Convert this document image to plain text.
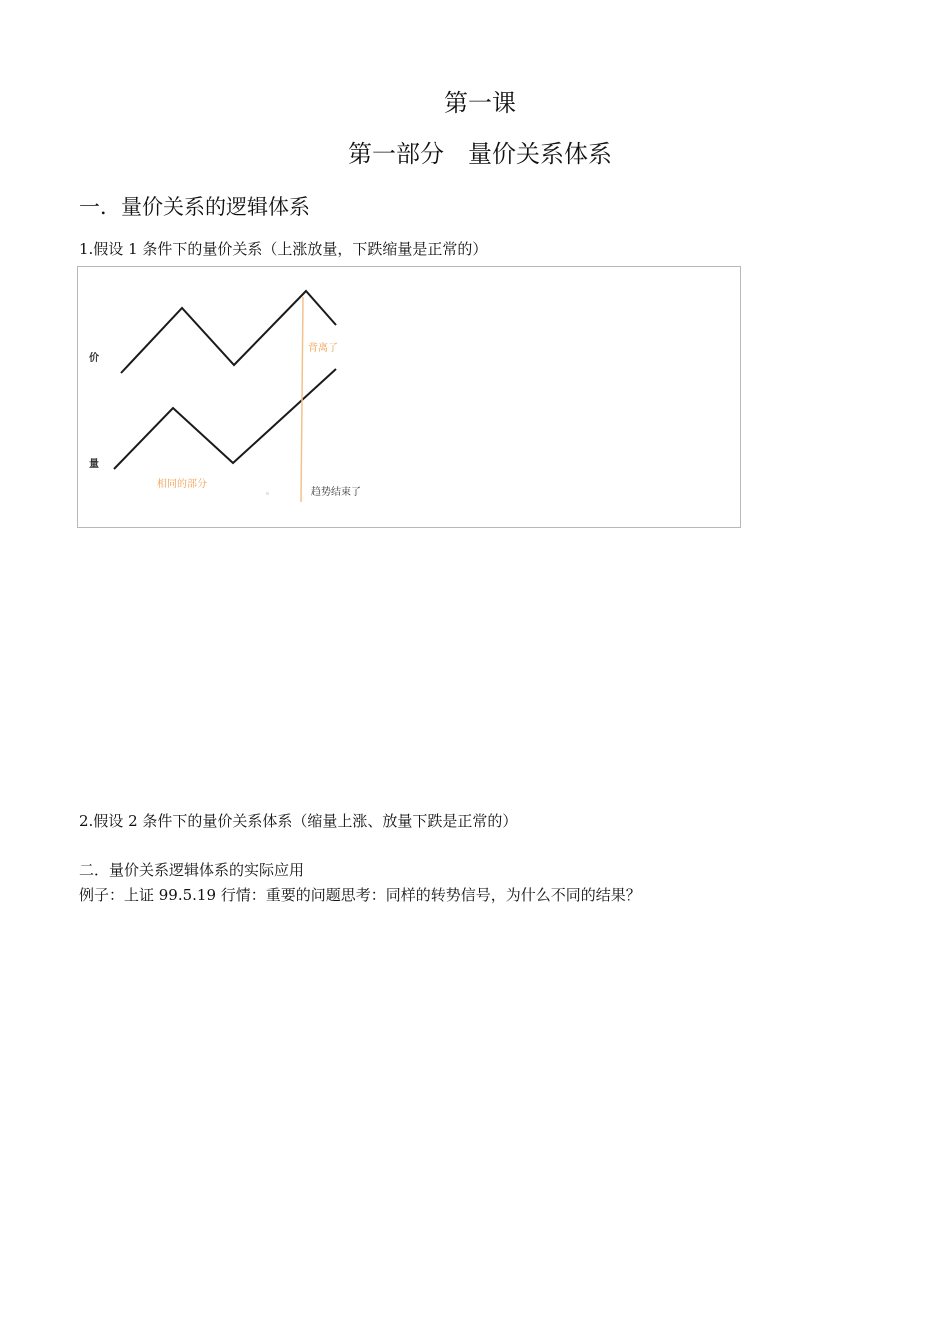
第一课
第一部分　量价关系体系
一．量价关系的逻辑体系
1.假设 1 条件下的量价关系（上涨放量，下跌缩量是正常的）
价
量
背离了
相同的部分
趋势结束了
2.假设 2 条件下的量价关系体系（缩量上涨、放量下跌是正常的）
二．量价关系逻辑体系的实际应用
例子：上证 99.5.19 行情：重要的问题思考：同样的转势信号，为什么不同的结果？
